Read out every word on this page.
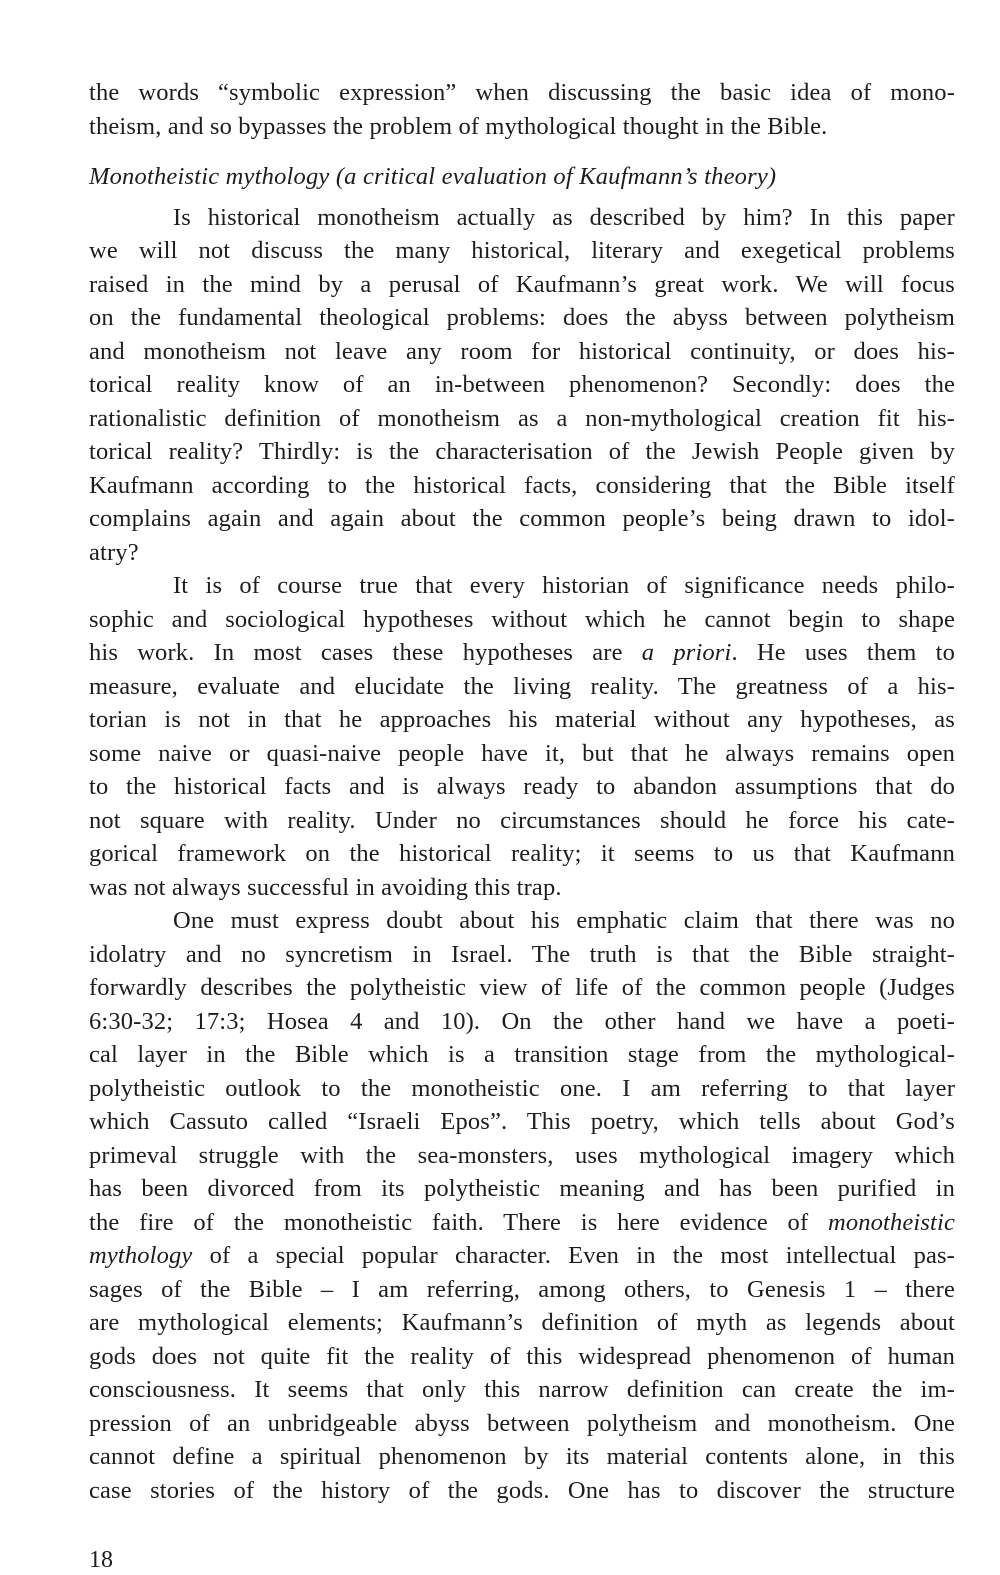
the words “symbolic expression” when discussing the basic idea of mono-
theism, and so bypasses the problem of mythological thought in the Bible.
Monotheistic mythology (a critical evaluation of Kaufmann’s theory)
Is historical monotheism actually as described by him? In this paper
we will not discuss the many historical, literary and exegetical problems
raised in the mind by a perusal of Kaufmann’s great work. We will focus
on the fundamental theological problems: does the abyss between polytheism
and monotheism not leave any room for historical continuity, or does his-
torical reality know of an in-between phenomenon? Secondly: does the
rationalistic definition of monotheism as a non-mythological creation fit his-
torical reality? Thirdly: is the characterisation of the Jewish People given by
Kaufmann according to the historical facts, considering that the Bible itself
complains again and again about the common people’s being drawn to idol-
atry?
It is of course true that every historian of significance needs philo-
sophic and sociological hypotheses without which he cannot begin to shape
his work. In most cases these hypotheses are a priori. He uses them to
measure, evaluate and elucidate the living reality. The greatness of a his-
torian is not in that he approaches his material without any hypotheses, as
some naive or quasi-naive people have it, but that he always remains open
to the historical facts and is always ready to abandon assumptions that do
not square with reality. Under no circumstances should he force his cate-
gorical framework on the historical reality; it seems to us that Kaufmann
was not always successful in avoiding this trap.
One must express doubt about his emphatic claim that there was no
idolatry and no syncretism in Israel. The truth is that the Bible straight-
forwardly describes the polytheistic view of life of the common people (Judges
6:30-32; 17:3; Hosea 4 and 10). On the other hand we have a poeti-
cal layer in the Bible which is a transition stage from the mythological-
polytheistic outlook to the monotheistic one. I am referring to that layer
which Cassuto called “Israeli Epos”. This poetry, which tells about God’s
primeval struggle with the sea-monsters, uses mythological imagery which
has been divorced from its polytheistic meaning and has been purified in
the fire of the monotheistic faith. There is here evidence of monotheistic
mythology of a special popular character. Even in the most intellectual pas-
sages of the Bible – I am referring, among others, to Genesis 1 – there
are mythological elements; Kaufmann’s definition of myth as legends about
gods does not quite fit the reality of this widespread phenomenon of human
consciousness. It seems that only this narrow definition can create the im-
pression of an unbridgeable abyss between polytheism and monotheism. One
cannot define a spiritual phenomenon by its material contents alone, in this
case stories of the history of the gods. One has to discover the structure
18
